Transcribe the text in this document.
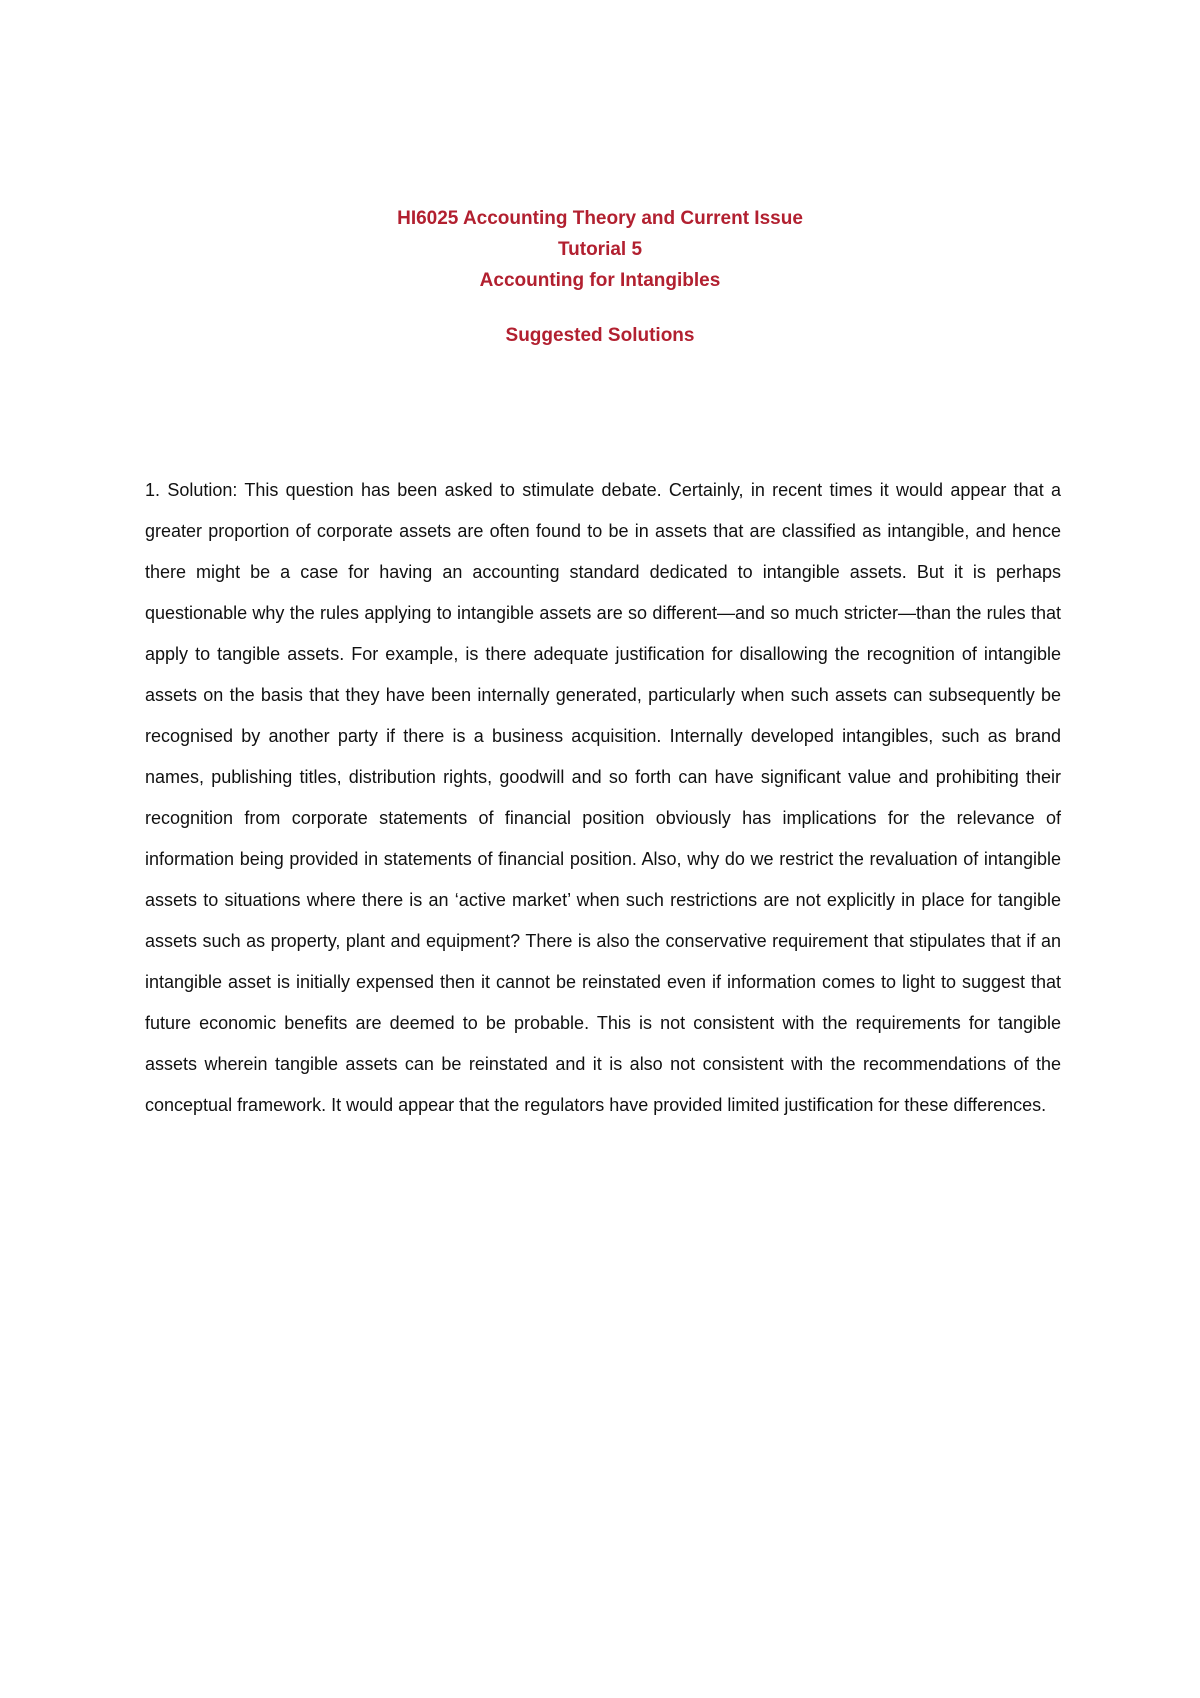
HI6025 Accounting Theory and Current Issue
Tutorial 5
Accounting for Intangibles
Suggested Solutions
1. Solution: This question has been asked to stimulate debate. Certainly, in recent times it would appear that a greater proportion of corporate assets are often found to be in assets that are classified as intangible, and hence there might be a case for having an accounting standard dedicated to intangible assets. But it is perhaps questionable why the rules applying to intangible assets are so different—and so much stricter—than the rules that apply to tangible assets. For example, is there adequate justification for disallowing the recognition of intangible assets on the basis that they have been internally generated, particularly when such assets can subsequently be recognised by another party if there is a business acquisition. Internally developed intangibles, such as brand names, publishing titles, distribution rights, goodwill and so forth can have significant value and prohibiting their recognition from corporate statements of financial position obviously has implications for the relevance of information being provided in statements of financial position. Also, why do we restrict the revaluation of intangible assets to situations where there is an ‘active market’ when such restrictions are not explicitly in place for tangible assets such as property, plant and equipment? There is also the conservative requirement that stipulates that if an intangible asset is initially expensed then it cannot be reinstated even if information comes to light to suggest that future economic benefits are deemed to be probable. This is not consistent with the requirements for tangible assets wherein tangible assets can be reinstated and it is also not consistent with the recommendations of the conceptual framework. It would appear that the regulators have provided limited justification for these differences.
